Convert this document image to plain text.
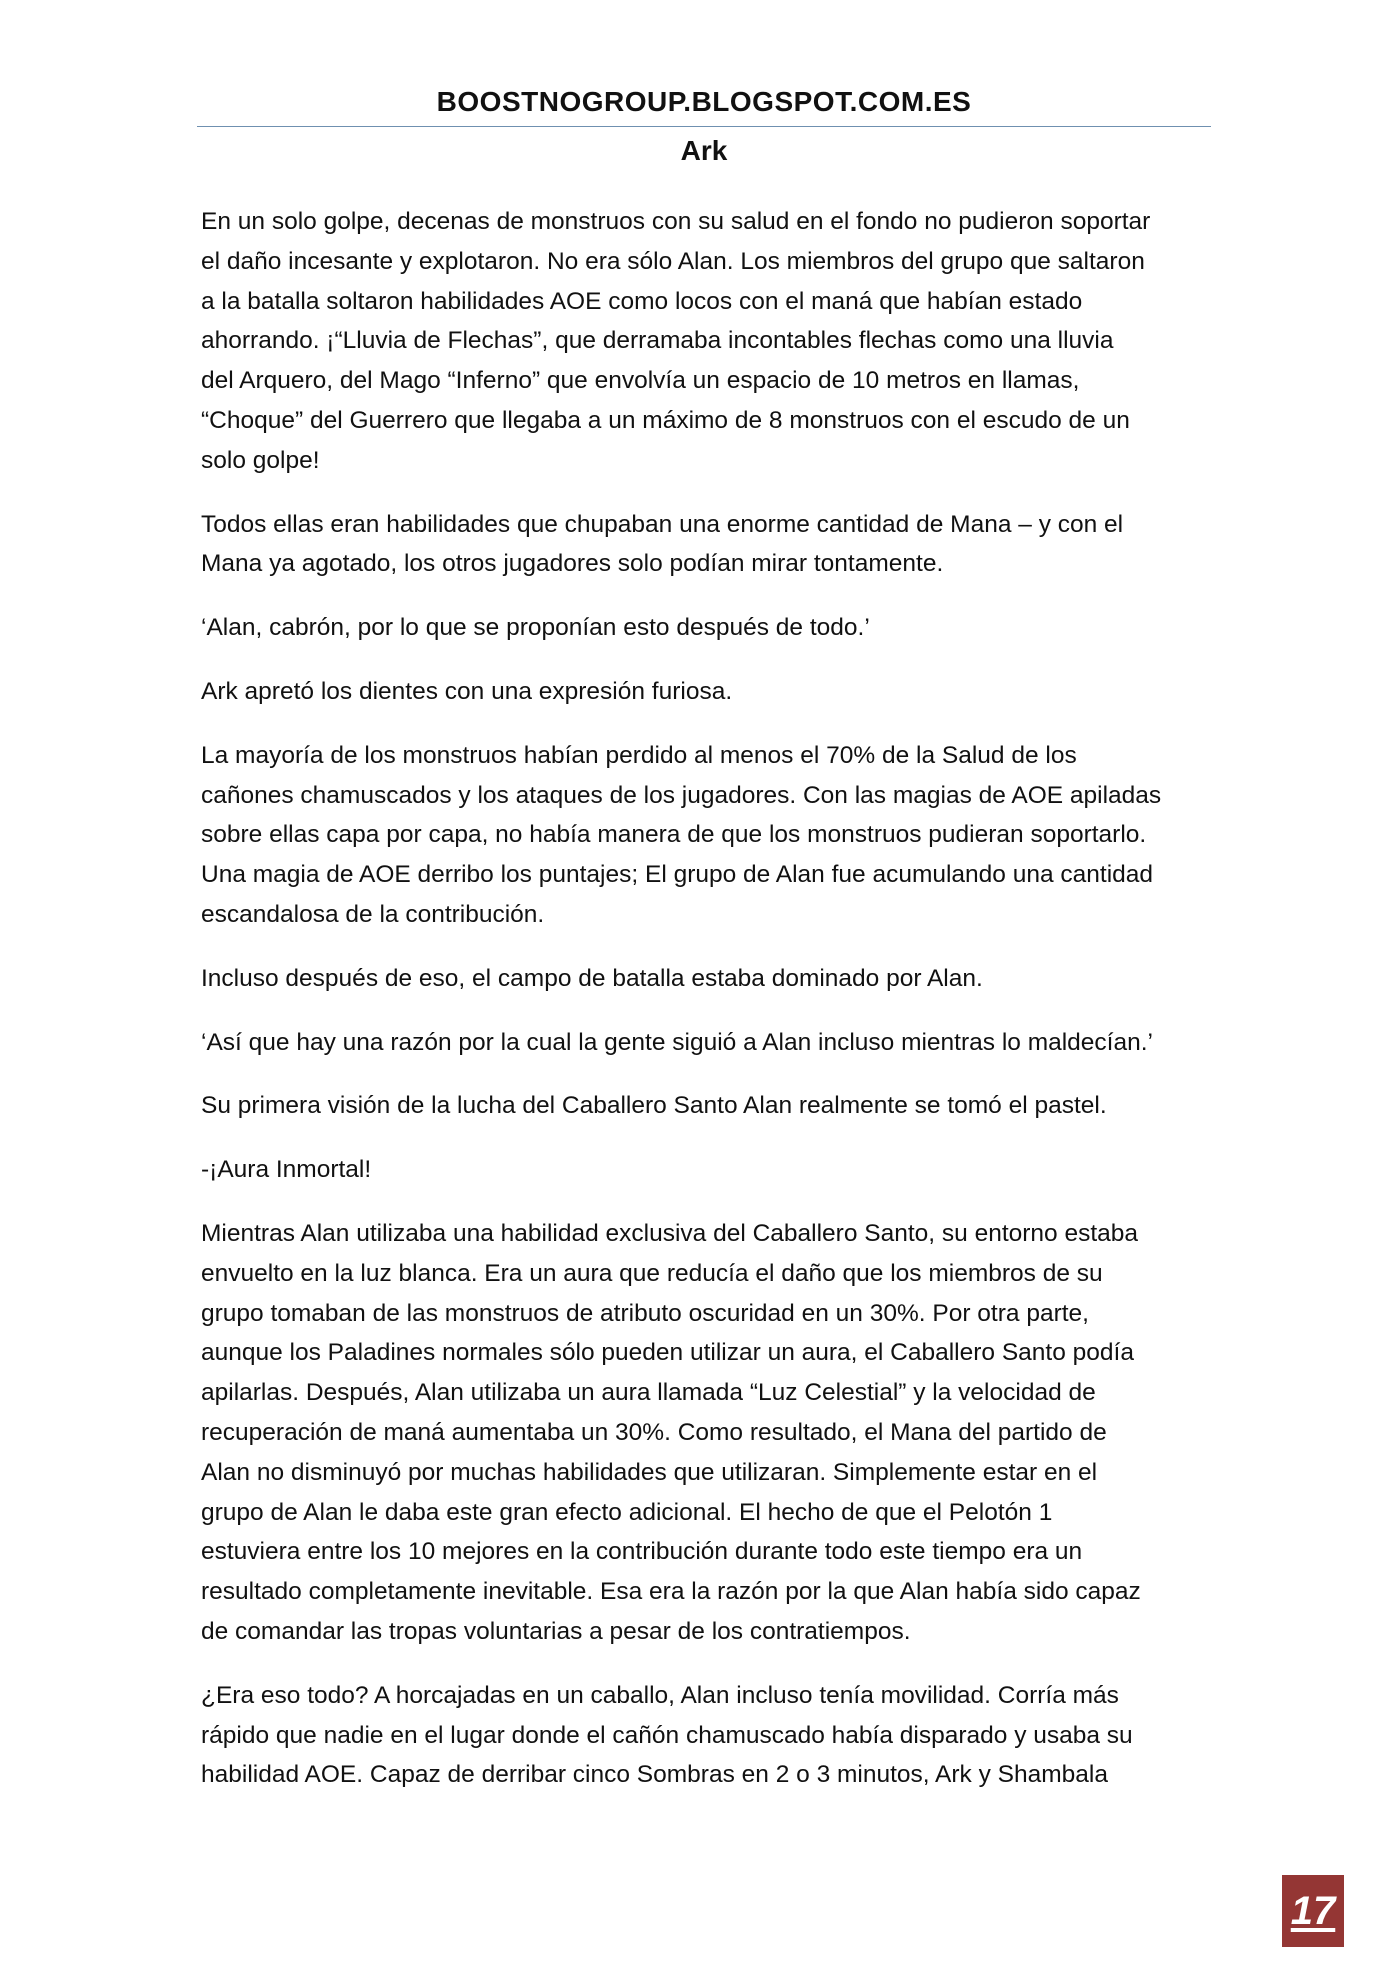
BOOSTNOGROUP.BLOGSPOT.COM.ES
Ark

En un solo golpe, decenas de monstruos con su salud en el fondo no pudieron soportar
el daño incesante y explotaron. No era sólo Alan. Los miembros del grupo que saltaron
a la batalla soltaron habilidades AOE como locos con el maná que habían estado
ahorrando. ¡“Lluvia de Flechas”, que derramaba incontables flechas como una lluvia
del Arquero, del Mago “Inferno” que envolvía un espacio de 10 metros en llamas,
“Choque” del Guerrero que llegaba a un máximo de 8 monstruos con el escudo de un
solo golpe!

Todos ellas eran habilidades que chupaban una enorme cantidad de Mana – y con el
Mana ya agotado, los otros jugadores solo podían mirar tontamente.

‘Alan, cabrón, por lo que se proponían esto después de todo.’

Ark apretó los dientes con una expresión furiosa.

La mayoría de los monstruos habían perdido al menos el 70% de la Salud de los
cañones chamuscados y los ataques de los jugadores. Con las magias de AOE apiladas
sobre ellas capa por capa, no había manera de que los monstruos pudieran soportarlo.
Una magia de AOE derribo los puntajes; El grupo de Alan fue acumulando una cantidad
escandalosa de la contribución.

Incluso después de eso, el campo de batalla estaba dominado por Alan.

‘Así que hay una razón por la cual la gente siguió a Alan incluso mientras lo maldecían.’

Su primera visión de la lucha del Caballero Santo Alan realmente se tomó el pastel.

-¡Aura Inmortal!

Mientras Alan utilizaba una habilidad exclusiva del Caballero Santo, su entorno estaba
envuelto en la luz blanca. Era un aura que reducía el daño que los miembros de su
grupo tomaban de las monstruos de atributo oscuridad en un 30%. Por otra parte,
aunque los Paladines normales sólo pueden utilizar un aura, el Caballero Santo podía
apilarlas. Después, Alan utilizaba un aura llamada “Luz Celestial” y la velocidad de
recuperación de maná aumentaba un 30%. Como resultado, el Mana del partido de
Alan no disminuyó por muchas habilidades que utilizaran. Simplemente estar en el
grupo de Alan le daba este gran efecto adicional. El hecho de que el Pelotón 1
estuviera entre los 10 mejores en la contribución durante todo este tiempo era un
resultado completamente inevitable. Esa era la razón por la que Alan había sido capaz
de comandar las tropas voluntarias a pesar de los contratiempos.

¿Era eso todo? A horcajadas en un caballo, Alan incluso tenía movilidad. Corría más
rápido que nadie en el lugar donde el cañón chamuscado había disparado y usaba su
habilidad AOE. Capaz de derribar cinco Sombras en 2 o 3 minutos, Ark y Shambala

17
